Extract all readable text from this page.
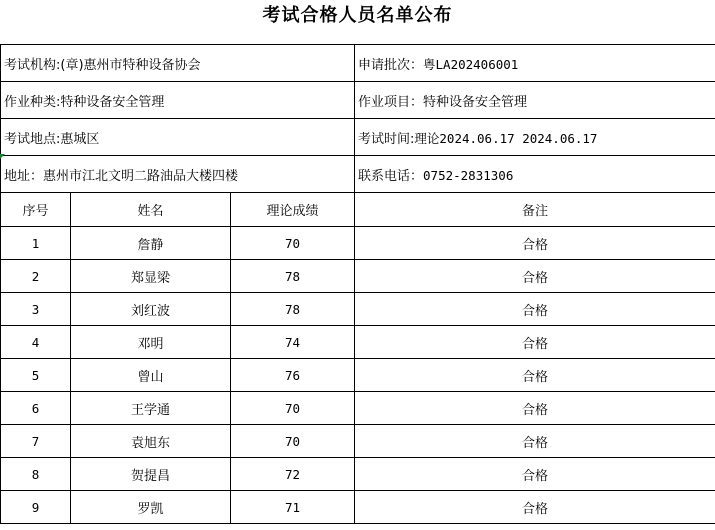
考试合格人员名单公布
考试机构:(章)惠州市特种设备协会			申请批次：粤LA202406001
作业种类:特种设备安全管理			作业项目：特种设备安全管理
考试地点:惠城区			考试时间:理论2024.06.17 2024.06.17
地址：惠州市江北文明二路油品大楼四楼			联系电话：0752-2831306
序号	姓名	理论成绩	备注
1	詹静	70	合格
2	郑显梁	78	合格
3	刘红波	78	合格
4	邓明	74	合格
5	曾山	76	合格
6	王学通	70	合格
7	袁旭东	70	合格
8	贺提昌	72	合格
9	罗凯	71	合格
